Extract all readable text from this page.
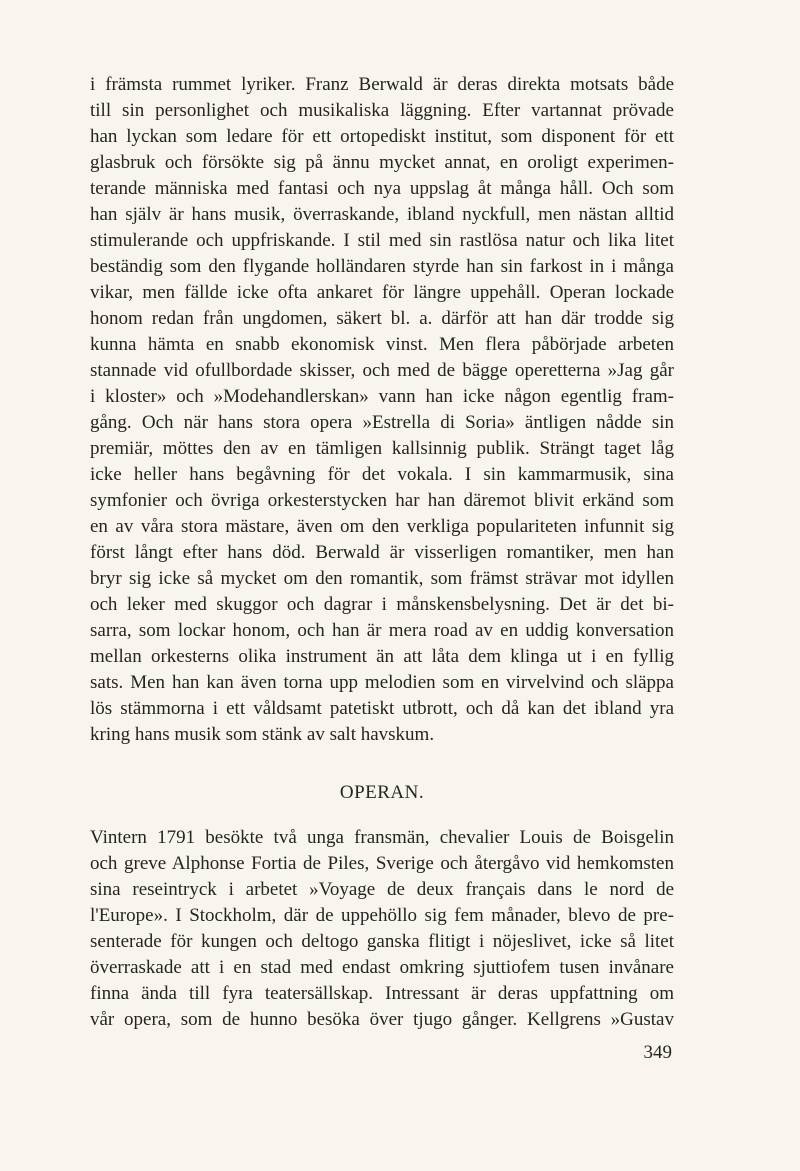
i främsta rummet lyriker. Franz Berwald är deras direkta motsats både
till sin personlighet och musikaliska läggning. Efter vartannat prövade
han lyckan som ledare för ett ortopediskt institut, som disponent för ett
glasbruk och försökte sig på ännu mycket annat, en oroligt experimen-
terande människa med fantasi och nya uppslag åt många håll. Och som
han själv är hans musik, överraskande, ibland nyckfull, men nästan alltid
stimulerande och uppfriskande. I stil med sin rastlösa natur och lika litet
beständig som den flygande holländaren styrde han sin farkost in i många
vikar, men fällde icke ofta ankaret för längre uppehåll. Operan lockade
honom redan från ungdomen, säkert bl. a. därför att han där trodde sig
kunna hämta en snabb ekonomisk vinst. Men flera påbörjade arbeten
stannade vid ofullbordade skisser, och med de bägge operetterna »Jag går
i kloster» och »Modehandlerskan» vann han icke någon egentlig fram-
gång. Och när hans stora opera »Estrella di Soria» äntligen nådde sin
premiär, möttes den av en tämligen kallsinnig publik. Strängt taget låg
icke heller hans begåvning för det vokala. I sin kammarmusik, sina
symfonier och övriga orkesterstycken har han däremot blivit erkänd som
en av våra stora mästare, även om den verkliga populariteten infunnit sig
först långt efter hans död. Berwald är visserligen romantiker, men han
bryr sig icke så mycket om den romantik, som främst strävar mot idyllen
och leker med skuggor och dagrar i månskensbelysning. Det är det bi-
sarra, som lockar honom, och han är mera road av en uddig konversation
mellan orkesterns olika instrument än att låta dem klinga ut i en fyllig
sats. Men han kan även torna upp melodien som en virvelvind och släppa
lös stämmorna i ett våldsamt patetiskt utbrott, och då kan det ibland yra
kring hans musik som stänk av salt havskum.
OPERAN.
Vintern 1791 besökte två unga fransmän, chevalier Louis de Boisgelin
och greve Alphonse Fortia de Piles, Sverige och återgåvo vid hemkomsten
sina reseintryck i arbetet »Voyage de deux français dans le nord de
l'Europe». I Stockholm, där de uppehöllo sig fem månader, blevo de pre-
senterade för kungen och deltogo ganska flitigt i nöjeslivet, icke så litet
överraskade att i en stad med endast omkring sjuttiofem tusen invånare
finna ända till fyra teatersällskap. Intressant är deras uppfattning om
vår opera, som de hunno besöka över tjugo gånger. Kellgrens »Gustav
349
